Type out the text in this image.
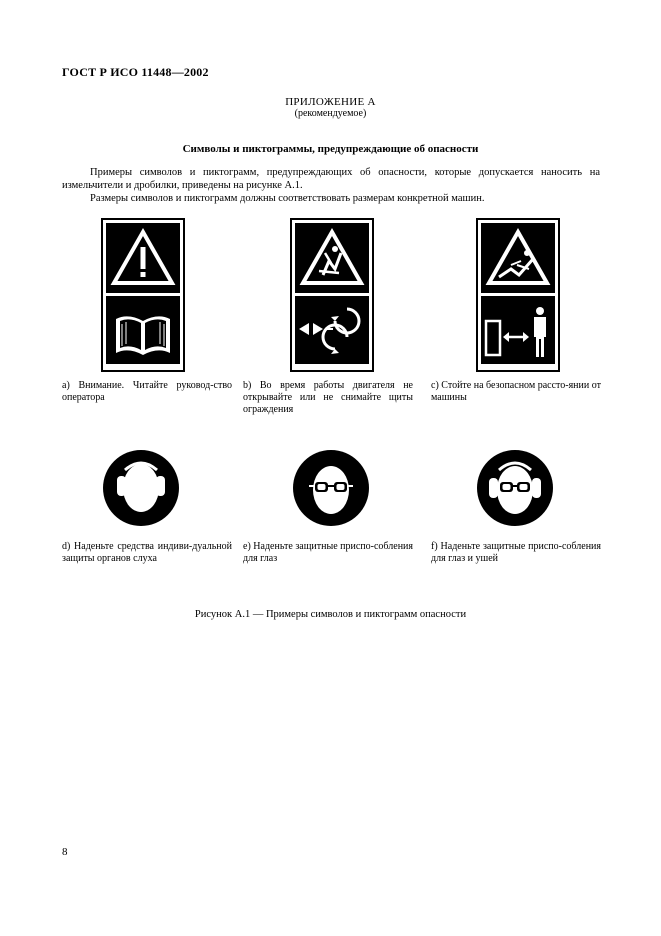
ГОСТ Р ИСО 11448—2002
ПРИЛОЖЕНИЕ А
(рекомендуемое)
Символы и пиктограммы, предупреждающие об опасности
Примеры символов и пиктограмм, предупреждающих об опасности, которые допускается наносить на измельчители и дробилки, приведены на рисунке А.1.
Размеры символов и пиктограмм должны соответствовать размерам конкретной машин.
а) Внимание. Читайте руковод-ство оператора
b) Во время работы двигателя не открывайте или не снимайте щиты ограждения
c) Стойте на безопасном рассто-янии от машины
d) Наденьте средства индиви-дуальной защиты органов слуха
e) Наденьте защитные приспо-собления для глаз
f) Наденьте защитные приспо-собления для глаз и ушей
Рисунок А.1 — Примеры символов и пиктограмм опасности
8
